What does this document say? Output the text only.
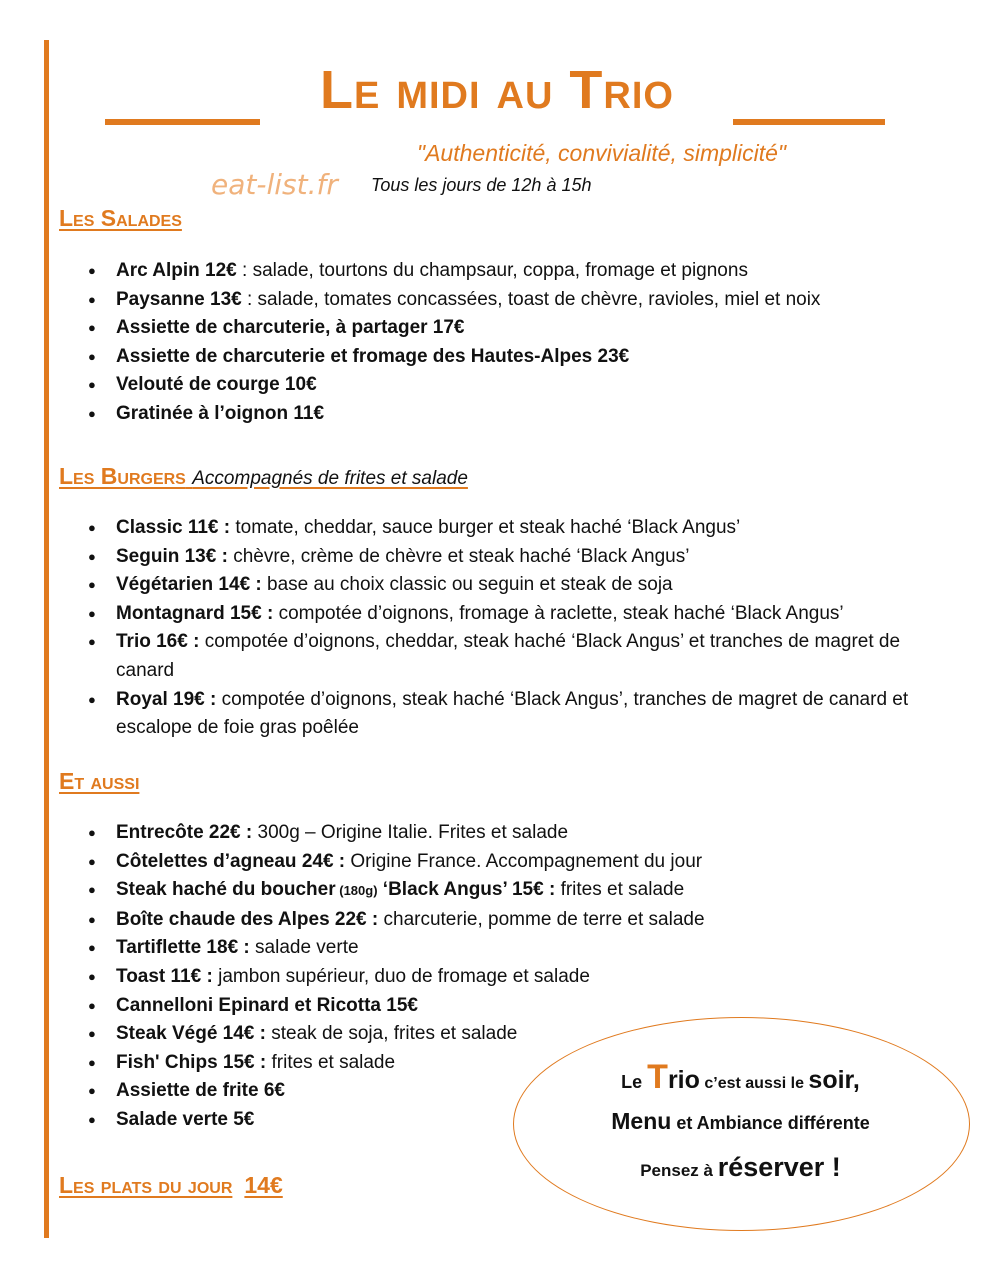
Le midi au Trio
"Authenticité, convivialité, simplicité"
eat-list.fr Tous les jours de 12h à 15h
Les Salades
● Arc Alpin 12€ : salade, tourtons du champsaur, coppa, fromage et pignons
● Paysanne 13€ : salade, tomates concassées, toast de chèvre, ravioles, miel et noix
● Assiette de charcuterie, à partager 17€
● Assiette de charcuterie et fromage des Hautes-Alpes 23€
● Velouté de courge 10€
● Gratinée à l’oignon 11€
Les Burgers Accompagnés de frites et salade
● Classic 11€ : tomate, cheddar, sauce burger et steak haché ‘Black Angus’
● Seguin 13€ : chèvre, crème de chèvre et steak haché ‘Black Angus’
● Végétarien 14€ : base au choix classic ou seguin et steak de soja
● Montagnard 15€ : compotée d’oignons, fromage à raclette, steak haché ‘Black Angus’
● Trio 16€ : compotée d’oignons, cheddar, steak haché ‘Black Angus’ et tranches de magret de canard
● Royal 19€ : compotée d’oignons, steak haché ‘Black Angus’, tranches de magret de canard et escalope de foie gras poêlée
Et aussi
● Entrecôte 22€ : 300g – Origine Italie. Frites et salade
● Côtelettes d’agneau 24€ : Origine France. Accompagnement du jour
● Steak haché du boucher (180g) ‘Black Angus’ 15€ : frites et salade
● Boîte chaude des Alpes 22€ : charcuterie, pomme de terre et salade
● Tartiflette 18€ : salade verte
● Toast 11€ : jambon supérieur, duo de fromage et salade
● Cannelloni Epinard et Ricotta 15€
● Steak Végé 14€ : steak de soja, frites et salade
● Fish' Chips 15€ : frites et salade
● Assiette de frite 6€
● Salade verte 5€
Les plats du jour 14€
Le Trio c’est aussi le soir,
Menu et Ambiance différente
Pensez à réserver !
